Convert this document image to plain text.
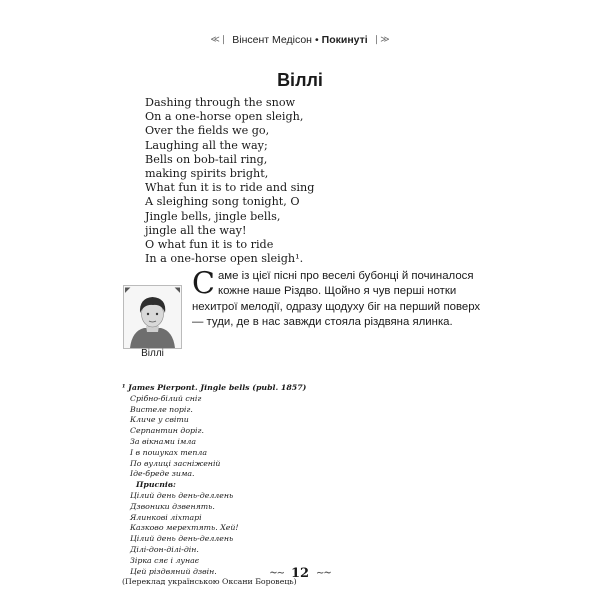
≪❘ Вінсент Медісон • Покинуті ❘≫
Віллі
Dashing through the snow
On a one-horse open sleigh,
Over the fields we go,
Laughing all the way;
Bells on bob-tail ring,
making spirits bright,
What fun it is to ride and sing
A sleighing song tonight, O
Jingle bells, jingle bells,
jingle all the way!
O what fun it is to ride
In a one-horse open sleigh¹.
◤	◥
Віллі
Саме із цієї пісні про веселі бубонці й починалося кожне наше Різдво. Щойно я чув перші нотки нехитрої мелодії, одразу щодуху біг на перший поверх — туди, де в нас завжди стояла різдвяна ялинка.
¹ James Pierpont. Jingle bells (publ. 1857)
Срібно-білий сніг
Вистеле поріг.
Кличе у світи
Серпантин доріг.
За вікнами імла
І в пошуках тепла
По вулиці засніженій
Іде-бреде зима.
Приспів:
Цілий день день-деллень
Дзвоники дзвенять.
Ялинкові ліхтарі
Казково мерехтять. Хей!
Цілий день день-деллень
Ділі-дон-ділі-дін.
Зірка сяє і лунає
Цей різдвяний дзвін.
(Переклад українською Оксани Боровець)
~∼ 12 ∼~
